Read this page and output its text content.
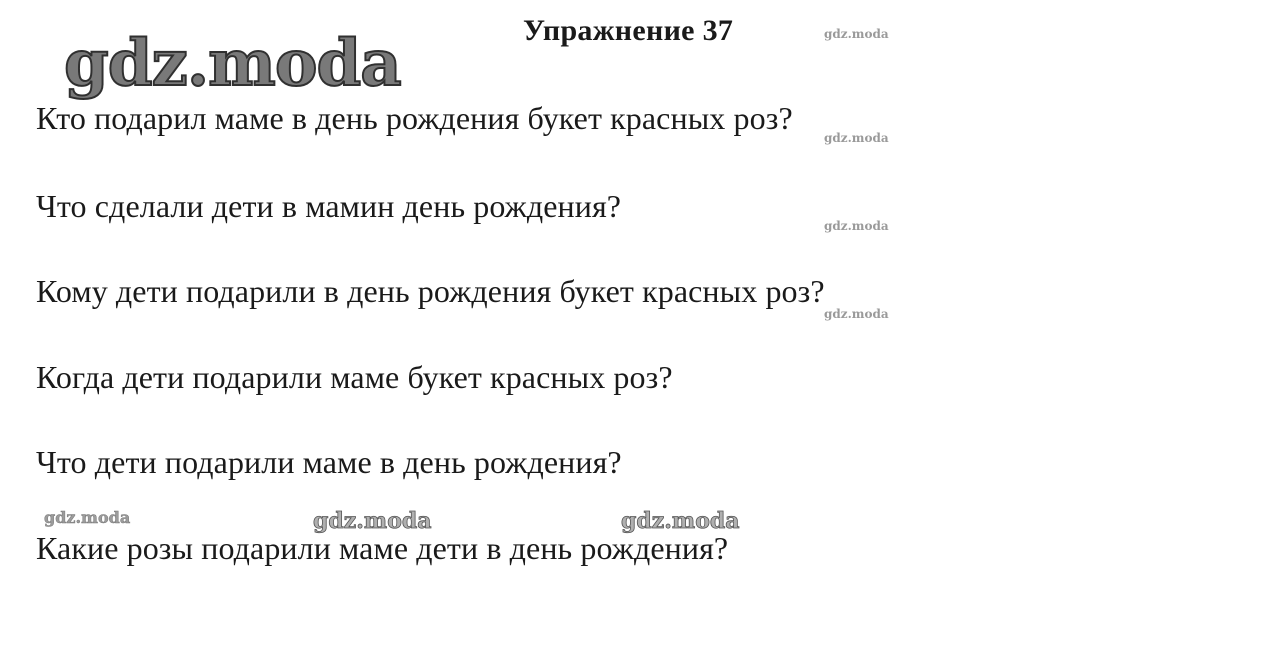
gdz.moda	Упражнение 37	gdz.moda
gdz.moda
gdz.moda
gdz.moda
Кто подарил маме в день рождения букет красных роз?
Что сделали дети в мамин день рождения?
Кому дети подарили в день рождения букет красных роз?
Когда дети подарили маме букет красных роз?
Что дети подарили маме в день рождения?
gdz.moda	gdz.moda	gdz.moda
Какие розы подарили маме дети в день рождения?
